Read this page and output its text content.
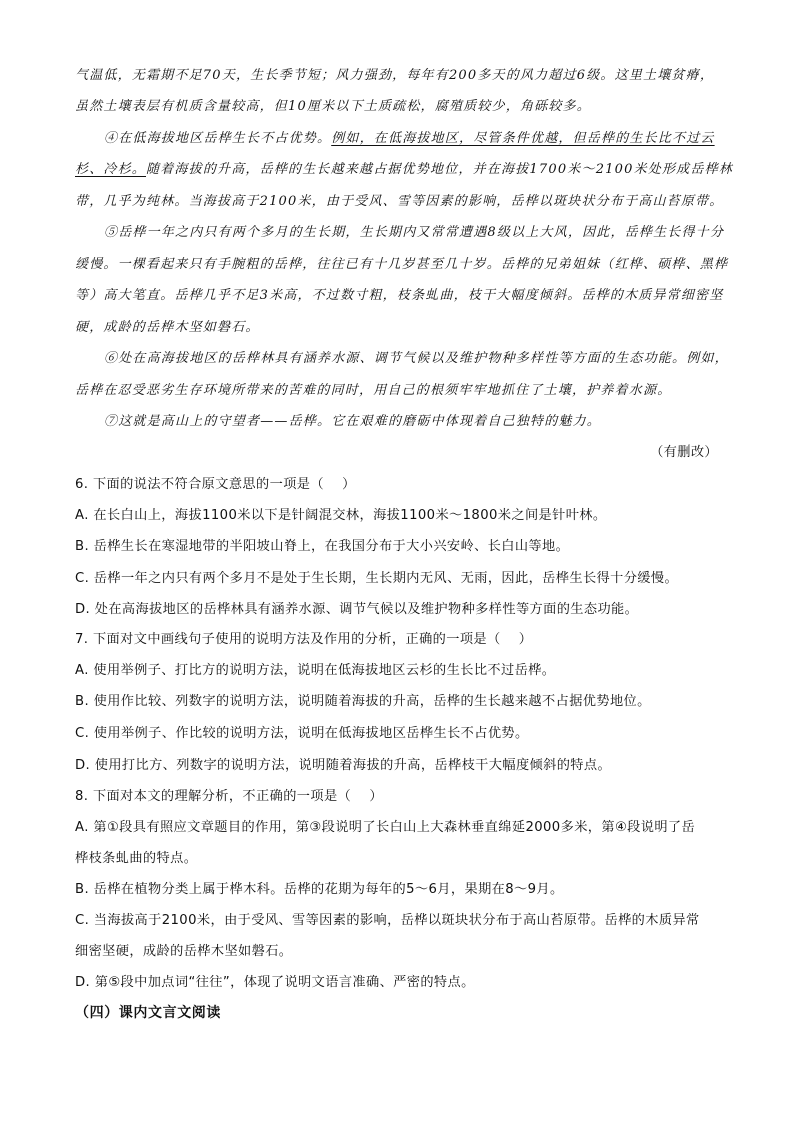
气温低，无霜期不足70天，生长季节短；风力强劲，每年有200多天的风力超过6级。这里土壤贫瘠，
虽然土壤表层有机质含量较高，但10厘米以下土质疏松，腐殖质较少，角砾较多。
④在低海拔地区岳桦生长不占优势。例如，在低海拔地区，尽管条件优越，但岳桦的生长比不过云
杉、冷杉。随着海拔的升高，岳桦的生长越来越占据优势地位，并在海拔1700米～2100米处形成岳桦林
带，几乎为纯林。当海拔高于2100米，由于受风、雪等因素的影响，岳桦以斑块状分布于高山苔原带。
⑤岳桦一年之内只有两个多月的生长期，生长期内又常常遭遇8级以上大风，因此，岳桦生长得十分
缓慢。一棵看起来只有手腕粗的岳桦，往往已有十几岁甚至几十岁。岳桦的兄弟姐妹（红桦、硕桦、黑桦
等）高大笔直。岳桦几乎不足3米高，不过数寸粗，枝条虬曲，枝干大幅度倾斜。岳桦的木质异常细密坚
硬，成龄的岳桦木坚如磐石。
⑥处在高海拔地区的岳桦林具有涵养水源、调节气候以及维护物种多样性等方面的生态功能。例如，
岳桦在忍受恶劣生存环境所带来的苦难的同时，用自己的根须牢牢地抓住了土壤，护养着水源。
⑦这就是高山上的守望者——岳桦。它在艰难的磨砺中体现着自己独特的魅力。
（有删改）
6. 下面的说法不符合原文意思的一项是（　 ）
A. 在长白山上，海拔1100米以下是针阔混交林，海拔1100米～1800米之间是针叶林。
B. 岳桦生长在寒湿地带的半阳坡山脊上，在我国分布于大小兴安岭、长白山等地。
C. 岳桦一年之内只有两个多月不是处于生长期，生长期内无风、无雨，因此，岳桦生长得十分缓慢。
D. 处在高海拔地区的岳桦林具有涵养水源、调节气候以及维护物种多样性等方面的生态功能。
7. 下面对文中画线句子使用的说明方法及作用的分析，正确的一项是（　 ）
A. 使用举例子、打比方的说明方法，说明在低海拔地区云杉的生长比不过岳桦。
B. 使用作比较、列数字的说明方法，说明随着海拔的升高，岳桦的生长越来越不占据优势地位。
C. 使用举例子、作比较的说明方法，说明在低海拔地区岳桦生长不占优势。
D. 使用打比方、列数字的说明方法，说明随着海拔的升高，岳桦枝干大幅度倾斜的特点。
8. 下面对本文的理解分析，不正确的一项是（　 ）
A. 第①段具有照应文章题目的作用，第③段说明了长白山上大森林垂直绵延2000多米，第④段说明了岳
桦枝条虬曲的特点。
B. 岳桦在植物分类上属于桦木科。岳桦的花期为每年的5～6月，果期在8～9月。
C. 当海拔高于2100米，由于受风、雪等因素的影响，岳桦以斑块状分布于高山苔原带。岳桦的木质异常
细密坚硬，成龄的岳桦木坚如磐石。
D. 第⑤段中加点词“往往”，体现了说明文语言准确、严密的特点。
（四）课内文言文阅读
